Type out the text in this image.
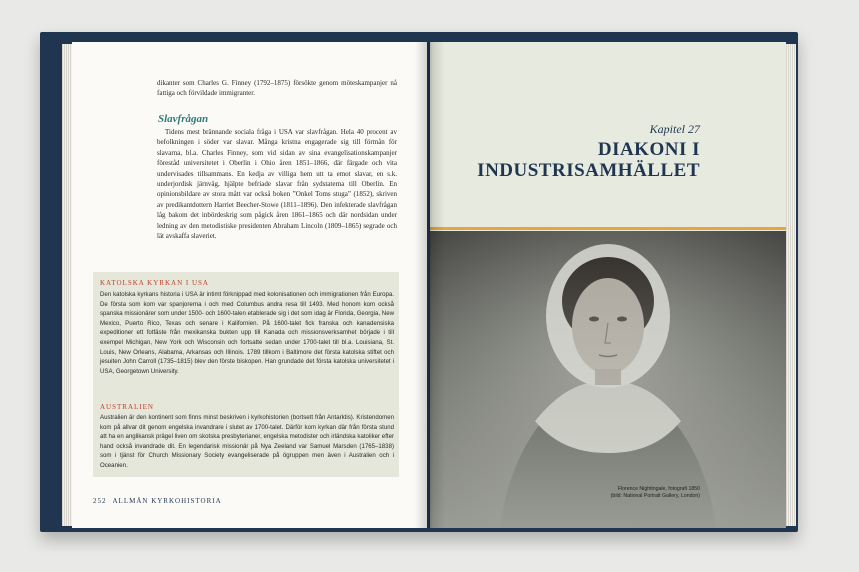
dikanter som Charles G. Finney (1792–1875) försökte genom möteskampanjer nå fattiga och förvildade immigranter.

Slavfrågan

Tidens mest brännande sociala fråga i USA var slavfrågan. Hela 40 procent av befolkningen i söder var slavar. Många kristna engagerade sig till förmån för slavarna, bl.a. Charles Finney, som vid sidan av sina evangelisationskampanjer föreståd universitetet i Oberlin i Ohio åren 1851–1866, där färgade och vita undervisades tillsammans. En kedja av villiga hem utt ta emot slavar, en s.k. underjordisk järnväg, hjälpte befriade slavar från sydstaterna till Oberlin. En opinionsbildare av stora mått var också boken ”Onkel Toms stuga” (1852), skriven av predikantdottern Harriet Beecher-Stowe (1811–1896). Den infekterade slavfrågan låg bakom det inbördeskrig som pågick åren 1861–1865 och där nordsidan under ledning av den metodistiske presidenten Abraham Lincoln (1809–1865) segrade och lät avskaffa slaveriet.

KATOLSKA KYRKAN I USA

Den katolska kyrkans historia i USA är intimt förknippad med kolonisationen och immigrationen från Europa. De första som kom var spanjorerna i och med Columbus andra resa till 1493. Med honom kom också spanska missionärer som under 1500- och 1600-talen etablerade sig i det som idag är Florida, Georgia, New Mexico, Puerto Rico, Texas och senare i Kalifornien. På 1600-talet fick franska och kanadensiska expeditioner ett fotfäste från mexikanska bukten upp till Kanada och missionsverksamhet började i till exempel Michigan, New York och Wisconsin och fortsatte sedan under 1700-talet till bl.a. Louisiana, St. Louis, New Orleans, Alabama, Arkansas och Illinois. 1789 tillkom i Baltimore det första katolska stiftet och jesuiten John Carroll (1735–1815) blev den förste biskopen. Han grundade det första katolska universitetet i USA, Georgetown University.

AUSTRALIEN

Australien är den kontinent som finns minst beskriven i kyrkohistorien (bortsett från Antarktis). Kristendomen kom på allvar dit genom engelska invandrare i slutet av 1700-talet. Därför kom kyrkan där från första stund att ha en anglikansk prägel liven om skotska presbyterianer, engelska metodister och irländska katoliker efter hand också invandrade dit. En legendarisk missionär på Nya Zeeland var Samuel Marsden (1765–1838) som i tjänst för Church Missionary Society evangeliserade på ögruppen men även i Australien och i Oceanien.

252 ALLMÄN KYRKOHISTORIA

Kapitel 27

DIAKONI I
INDUSTRISAMHÄLLET

Florence Nightingale, fotografi 1850
(bild: National Portrait Gallery, London)
